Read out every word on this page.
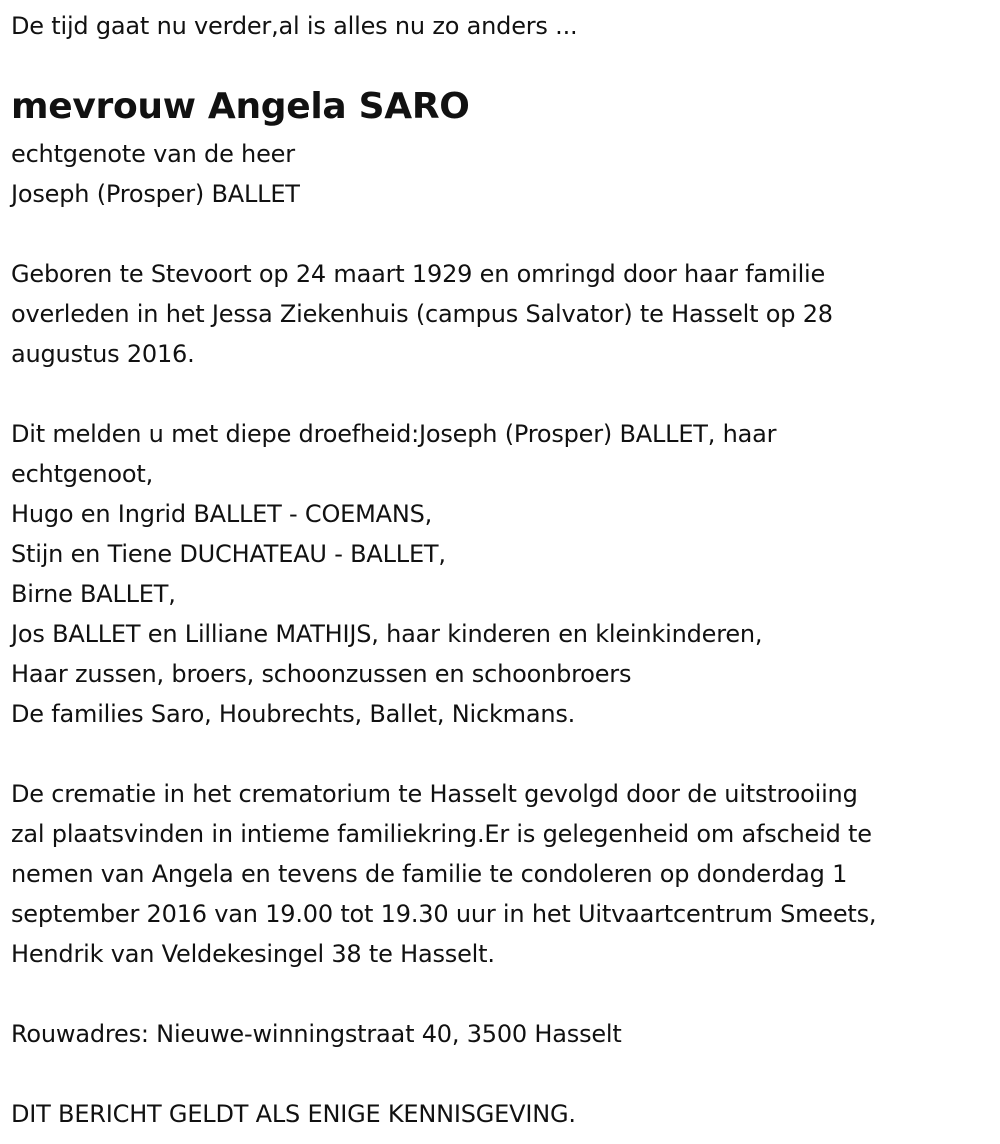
De tijd gaat nu verder,al is alles nu zo anders ...
mevrouw Angela SARO
echtgenote van de heer
Joseph (Prosper) BALLET
Geboren te Stevoort op 24 maart 1929 en omringd door haar familie
overleden in het Jessa Ziekenhuis (campus Salvator) te Hasselt op 28
augustus 2016.
Dit melden u met diepe droefheid:Joseph (Prosper) BALLET, haar
echtgenoot,
Hugo en Ingrid BALLET - COEMANS,
Stijn en Tiene DUCHATEAU - BALLET,
Birne BALLET,
Jos BALLET en Lilliane MATHIJS, haar kinderen en kleinkinderen,
Haar zussen, broers, schoonzussen en schoonbroers
De families Saro, Houbrechts, Ballet, Nickmans.
De crematie in het crematorium te Hasselt gevolgd door de uitstrooiing
zal plaatsvinden in intieme familiekring.Er is gelegenheid om afscheid te
nemen van Angela en tevens de familie te condoleren op donderdag 1
september 2016 van 19.00 tot 19.30 uur in het Uitvaartcentrum Smeets,
Hendrik van Veldekesingel 38 te Hasselt.
Rouwadres: Nieuwe-winningstraat 40, 3500 Hasselt
DIT BERICHT GELDT ALS ENIGE KENNISGEVING.
